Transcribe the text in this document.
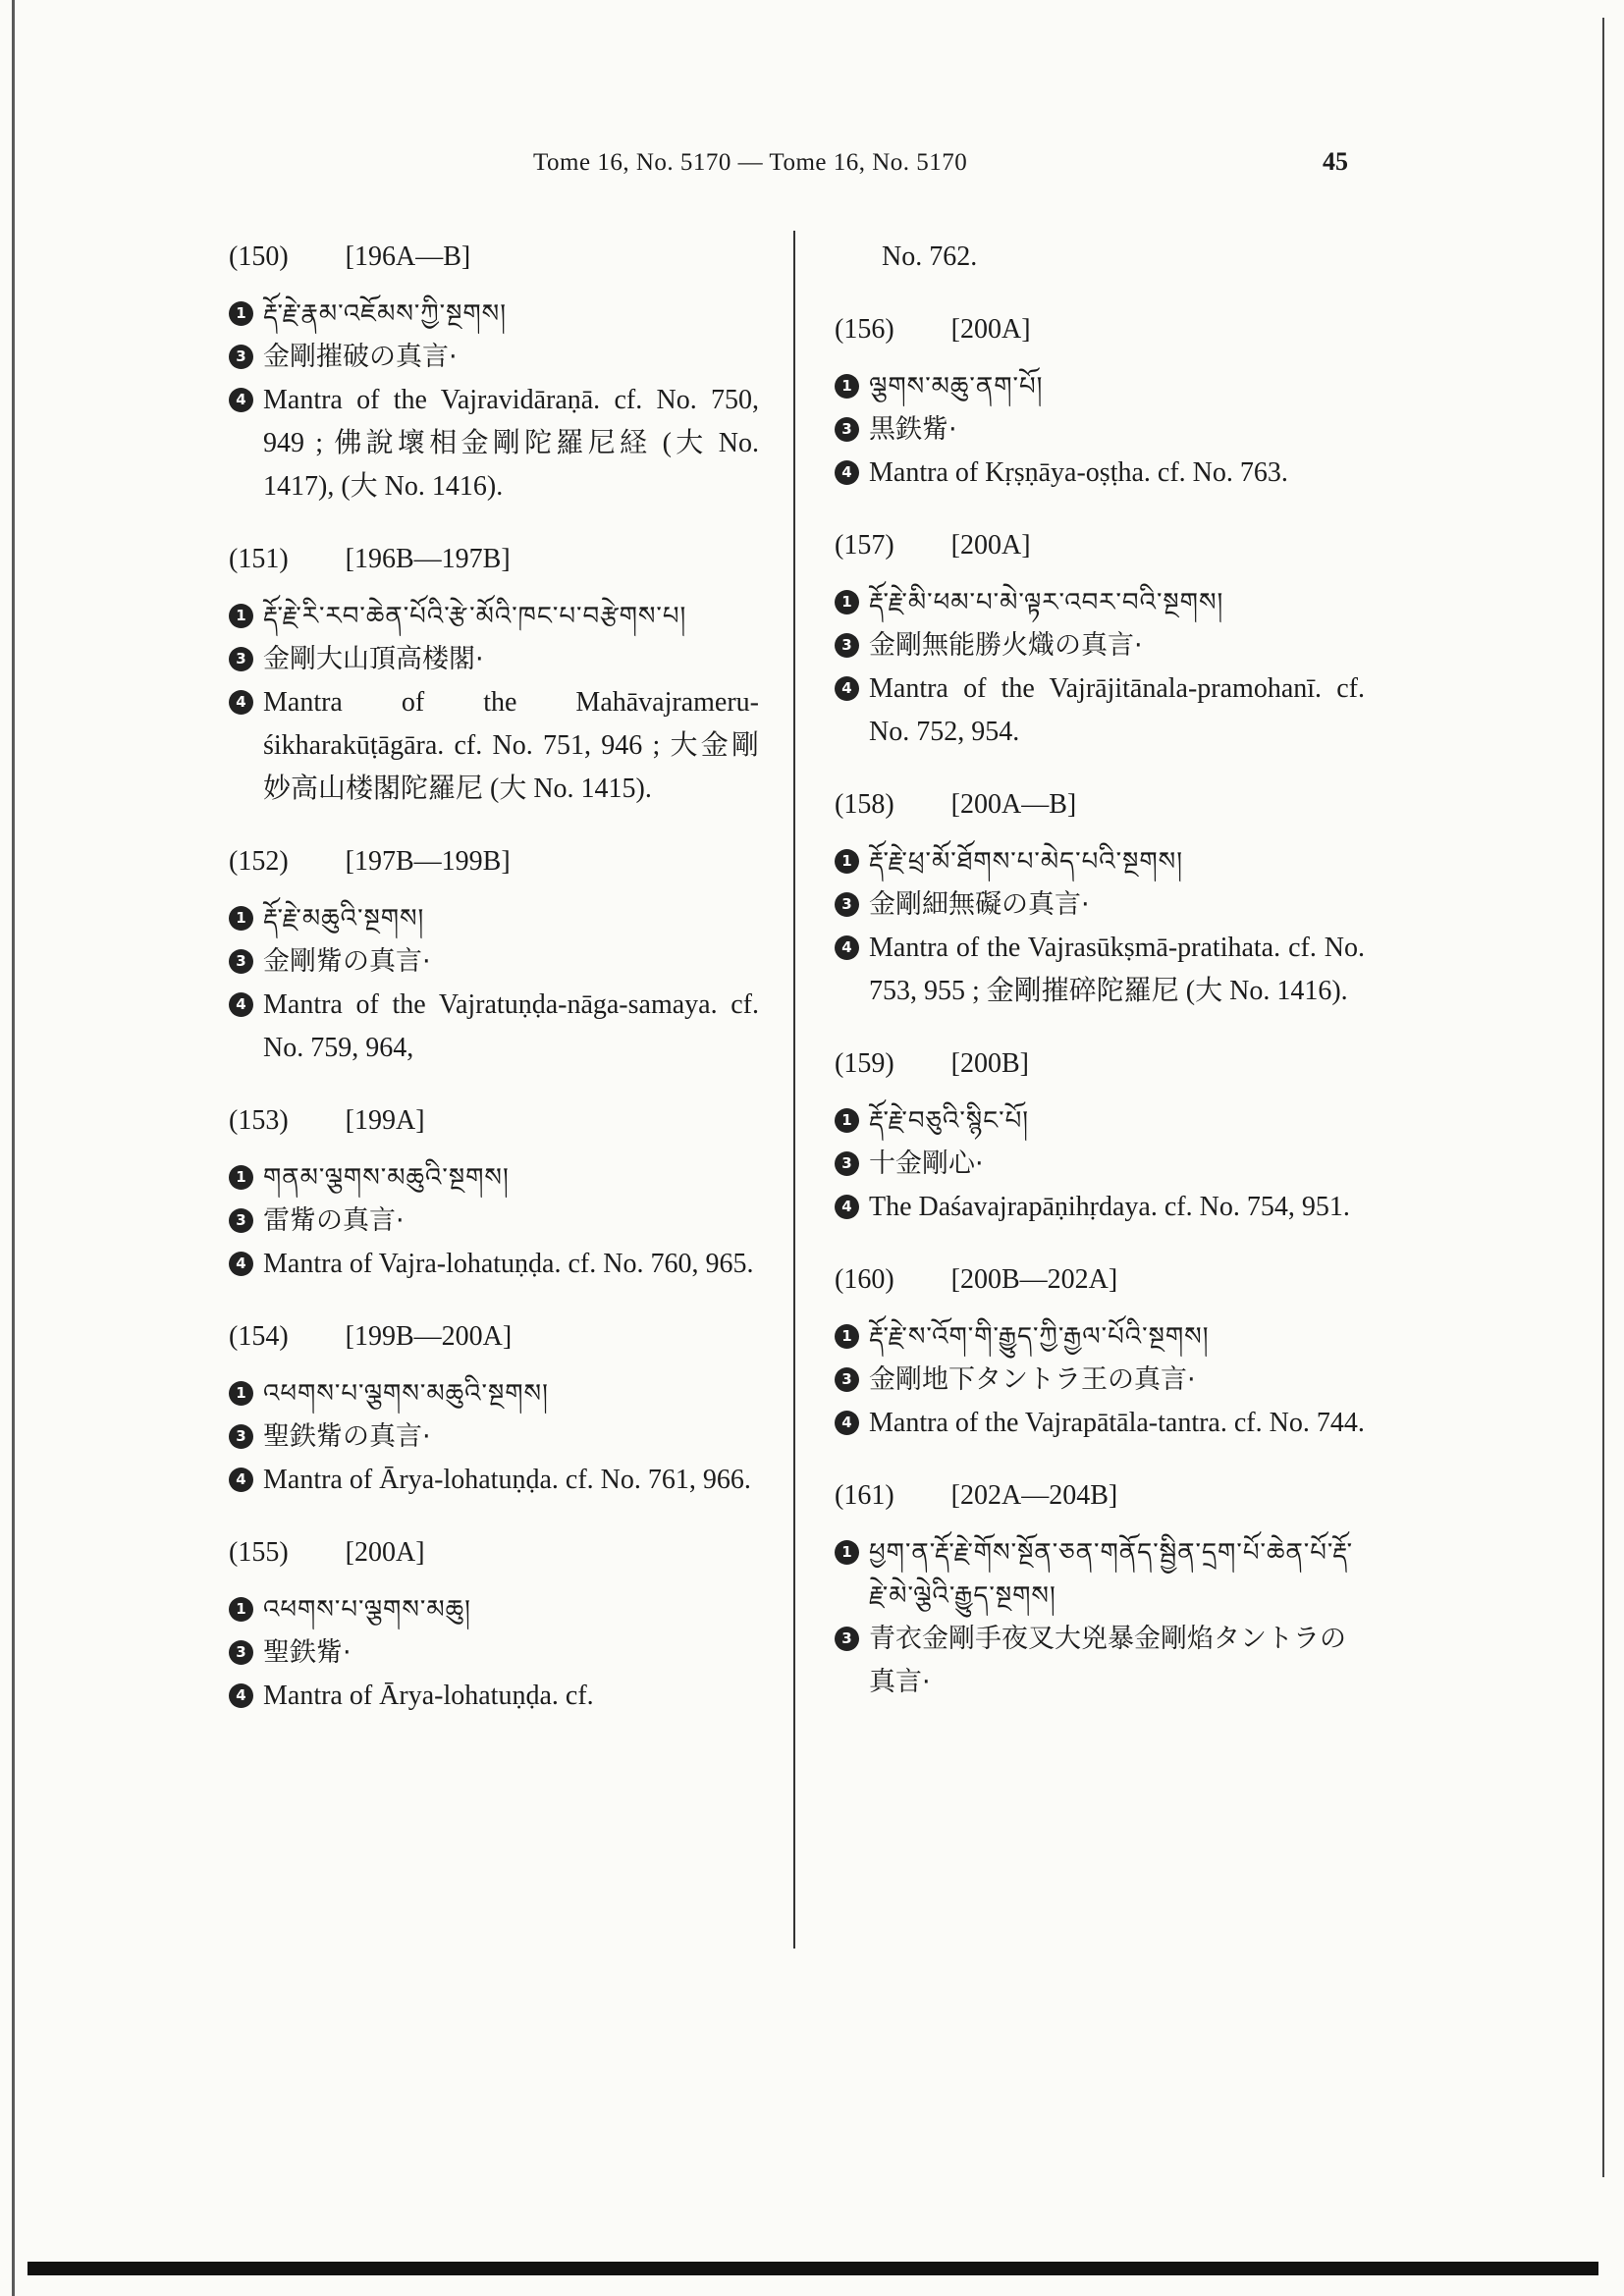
Tome 16, No. 5170 — Tome 16, No. 5170	45
(150) [196A—B]
1 རྡོ་རྗེ་རྣམ་འཇོམས་ཀྱི་སྔགས།
3 金剛摧破の真言·
4 Mantra of the Vajravidāraṇā. cf. No. 750, 949 ; 佛說壞相金剛陀羅尼経 (大 No. 1417), (大 No. 1416).
(151) [196B—197B]
1 རྡོ་རྗེ་རི་རབ་ཆེན་པོའི་རྩེ་མོའི་ཁང་པ་བརྩེགས་པ།
3 金剛大山頂高楼閣·
4 Mantra of the Mahāvajrameru-śikharakūṭāgāra. cf. No. 751, 946 ; 大金剛妙高山楼閣陀羅尼 (大 No. 1415).
(152) [197B—199B]
1 རྡོ་རྗེ་མཆུའི་སྔགས།
3 金剛觜の真言·
4 Mantra of the Vajratuṇḍa-nāga-samaya. cf. No. 759, 964,
(153) [199A]
1 གནམ་ལྕགས་མཆུའི་སྔགས།
3 雷觜の真言·
4 Mantra of Vajra-lohatuṇḍa. cf. No. 760, 965.
(154) [199B—200A]
1 འཕགས་པ་ལྕགས་མཆུའི་སྔགས།
3 聖鉄觜の真言·
4 Mantra of Ārya-lohatuṇḍa. cf. No. 761, 966.
(155) [200A]
1 འཕགས་པ་ལྕགས་མཆུ།
3 聖鉄觜·
4 Mantra of Ārya-lohatuṇḍa. cf.
No. 762.
(156) [200A]
1 ལྕགས་མཆུ་ནག་པོ།
3 黒鉄觜·
4 Mantra of Kṛṣṇāya-oṣṭha. cf. No. 763.
(157) [200A]
1 རྡོ་རྗེ་མི་ཕམ་པ་མེ་ལྟར་འབར་བའི་སྔགས།
3 金剛無能勝火熾の真言·
4 Mantra of the Vajrājitānala-pramohanī. cf. No. 752, 954.
(158) [200A—B]
1 རྡོ་རྗེ་ཕྲ་མོ་ཐོགས་པ་མེད་པའི་སྔགས།
3 金剛細無礙の真言·
4 Mantra of the Vajrasūkṣmā-pratihata. cf. No. 753, 955 ; 金剛摧碎陀羅尼 (大 No. 1416).
(159) [200B]
1 རྡོ་རྗེ་བཅུའི་སྙིང་པོ།
3 十金剛心·
4 The Daśavajrapāṇihṛdaya. cf. No. 754, 951.
(160) [200B—202A]
1 རྡོ་རྗེ་ས་འོག་གི་རྒྱུད་ཀྱི་རྒྱལ་པོའི་སྔགས།
3 金剛地下タントラ王の真言·
4 Mantra of the Vajrapātāla-tantra. cf. No. 744.
(161) [202A—204B]
1 ཕྱག་ན་རྡོ་རྗེ་གོས་སྔོན་ཅན་གནོད་སྦྱིན་དྲག་པོ་ཆེན་པོ་རྡོ་རྗེ་མེ་ལྕེའི་རྒྱུད་སྔགས།
3 青衣金剛手夜叉大兇暴金剛焰タントラの真言·
